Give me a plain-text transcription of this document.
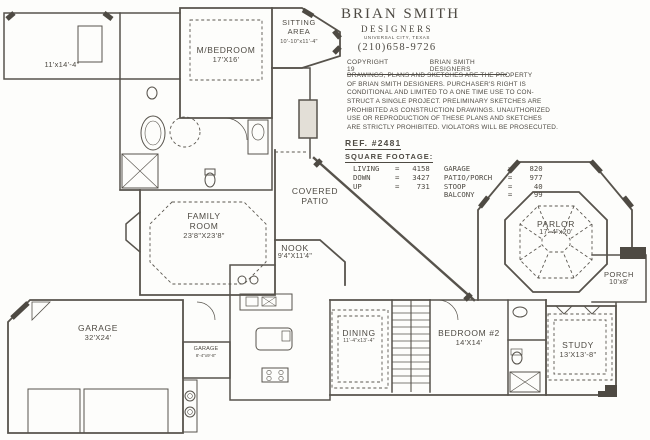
BRIAN SMITH
DESIGNERS
UNIVERSAL CITY, TEXAS
(210)658-9726
COPYRIGHT 19
BRIAN SMITH DESIGNERS
DRAWINGS, PLANS AND SKETCHES ARE THE PROPERTY
OF BRIAN SMITH DESIGNERS. PURCHASER'S RIGHT IS
CONDITIONAL AND LIMITED TO A ONE TIME USE TO CON-
STRUCT A SINGLE PROJECT. PRELIMINARY SKETCHES ARE
PROHIBITED AS CONSTRUCTION DRAWINGS. UNAUTHORIZED
USE OR REPRODUCTION OF THESE PLANS AND SKETCHES
ARE STRICTLY PROHIBITED. VIOLATORS WILL BE PROSECUTED.
REF. #2481
SQUARE FOOTAGE:
LIVING = 4158
DOWN	= 3427
UP	= 731
GARAGE	= 820
PATIO/PORCH = 977
STOOP	=	40
BALCONY	=	99
11'x14'-4"
M/BEDROOM
17'X16'
SITTING
AREA
10'-10"x11'-4"
FAMILY
ROOM
23'8"X23'8"
COVERED
PATIO
NOOK
9'4"X11'4"
PARLOR
17'-4"x20'
PORCH
10'x8'
GARAGE
32'X24'
GARAGE
8'-4"x9'-8"
DINING
11'-4"x13'-4"
BEDROOM #2
14'X14'	STUDY
13'X13'-8"
